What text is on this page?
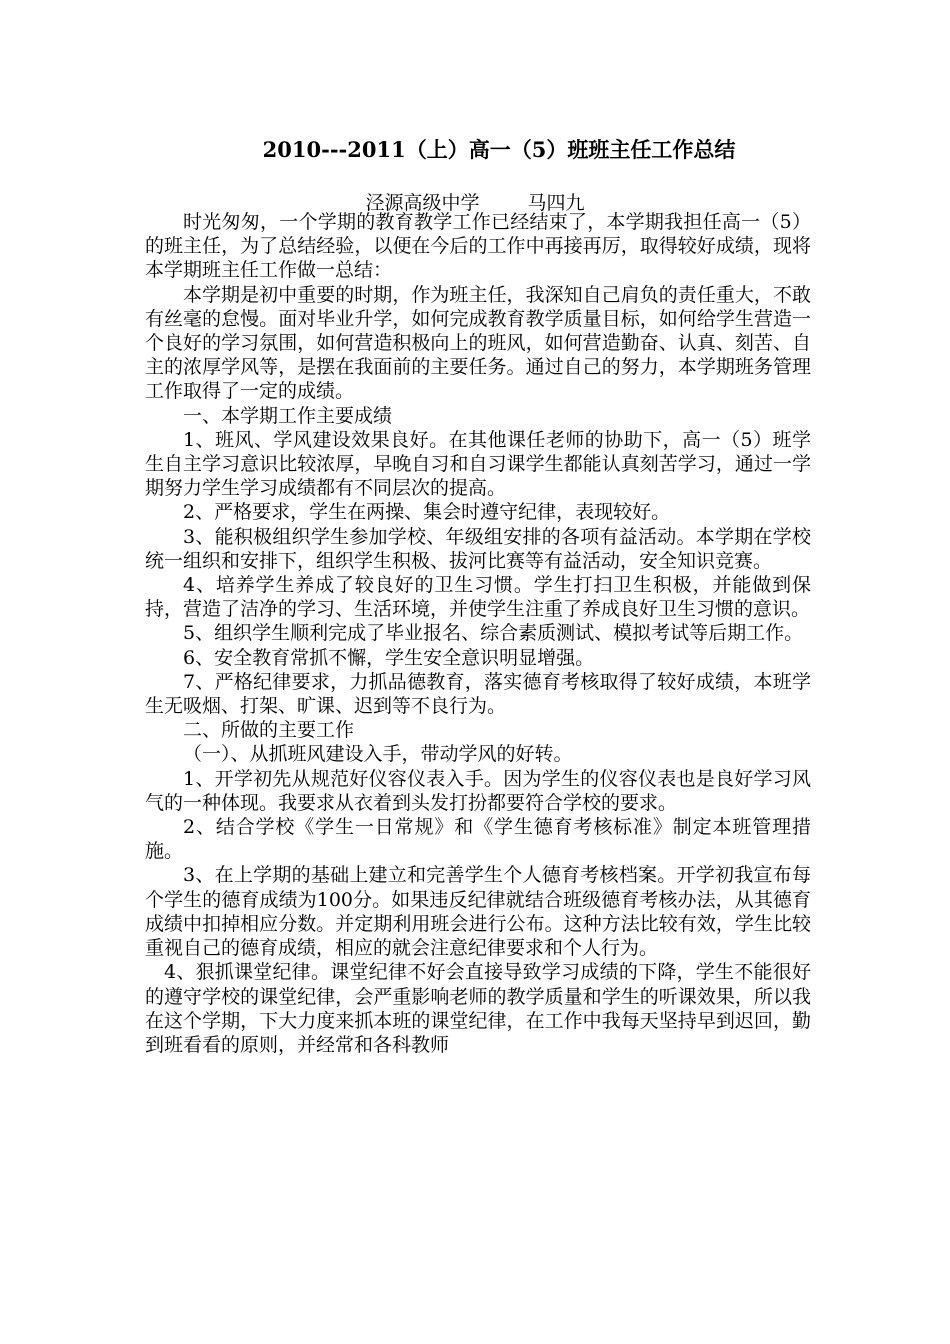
2010---2011（上）高一（5）班班主任工作总结
泾源高级中学	马四九

时光匆匆，一个学期的教育教学工作已经结束了，本学期我担任高一（5）的班主任，为了总结经验，以便在今后的工作中再接再厉，取得较好成绩，现将本学期班主任工作做一总结：

本学期是初中重要的时期，作为班主任，我深知自己肩负的责任重大，不敢有丝毫的怠慢。面对毕业升学，如何完成教育教学质量目标，如何给学生营造一个良好的学习氛围，如何营造积极向上的班风，如何营造勤奋、认真、刻苦、自主的浓厚学风等，是摆在我面前的主要任务。通过自己的努力，本学期班务管理工作取得了一定的成绩。

一、本学期工作主要成绩

1、班风、学风建设效果良好。在其他课任老师的协助下，高一（5）班学生自主学习意识比较浓厚，早晚自习和自习课学生都能认真刻苦学习，通过一学期努力学生学习成绩都有不同层次的提高。

2、严格要求，学生在两操、集会时遵守纪律，表现较好。

3、能积极组织学生参加学校、年级组安排的各项有益活动。本学期在学校统一组织和安排下，组织学生积极、拔河比赛等有益活动，安全知识竞赛。

4、培养学生养成了较良好的卫生习惯。学生打扫卫生积极，并能做到保持，营造了洁净的学习、生活环境，并使学生注重了养成良好卫生习惯的意识。

5、组织学生顺利完成了毕业报名、综合素质测试、模拟考试等后期工作。

6、安全教育常抓不懈，学生安全意识明显增强。

7、严格纪律要求，力抓品德教育，落实德育考核取得了较好成绩，本班学生无吸烟、打架、旷课、迟到等不良行为。

二、所做的主要工作

（一）、从抓班风建设入手，带动学风的好转。

1、开学初先从规范好仪容仪表入手。因为学生的仪容仪表也是良好学习风气的一种体现。我要求从衣着到头发打扮都要符合学校的要求。

2、结合学校《学生一日常规》和《学生德育考核标准》制定本班管理措施。

3、在上学期的基础上建立和完善学生个人德育考核档案。开学初我宣布每个学生的德育成绩为100分。如果违反纪律就结合班级德育考核办法，从其德育成绩中扣掉相应分数。并定期利用班会进行公布。这种方法比较有效，学生比较重视自己的德育成绩，相应的就会注意纪律要求和个人行为。

4、狠抓课堂纪律。课堂纪律不好会直接导致学习成绩的下降，学生不能很好的遵守学校的课堂纪律，会严重影响老师的教学质量和学生的听课效果，所以我在这个学期，下大力度来抓本班的课堂纪律，在工作中我每天坚持早到迟回，勤到班看看的原则，并经常和各科教师
